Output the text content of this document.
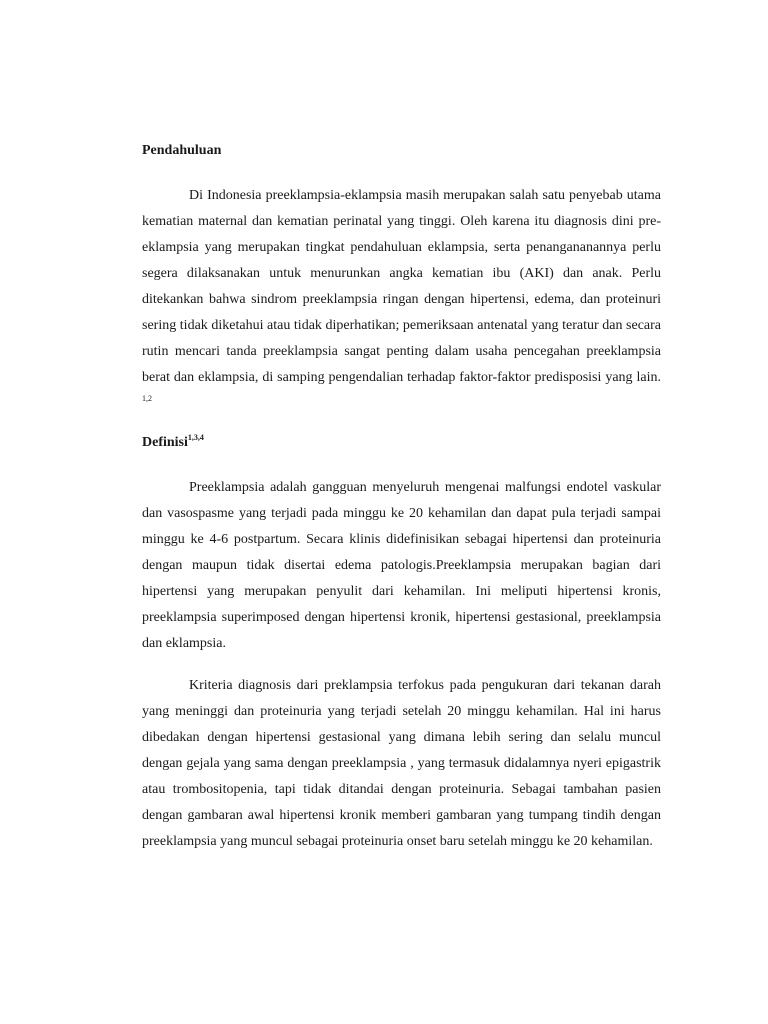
Pendahuluan

Di Indonesia preeklampsia-eklampsia masih merupakan salah satu penyebab utama kematian maternal dan kematian perinatal yang tinggi. Oleh karena itu diagnosis dini pre-eklampsia yang merupakan tingkat pendahuluan eklampsia, serta penangananannya perlu segera dilaksanakan untuk menurunkan angka kematian ibu (AKI) dan anak. Perlu ditekankan bahwa sindrom preeklampsia ringan dengan hipertensi, edema, dan proteinuri sering tidak diketahui atau tidak diperhatikan; pemeriksaan antenatal yang teratur dan secara rutin mencari tanda preeklampsia sangat penting dalam usaha pencegahan preeklampsia berat dan eklampsia, di samping pengendalian terhadap faktor-faktor predisposisi yang lain. $^{1,2}$

Definisi$^{1,3,4}$

Preeklampsia adalah gangguan menyeluruh mengenai malfungsi endotel vaskular dan vasospasme yang terjadi pada minggu ke 20 kehamilan dan dapat pula terjadi sampai minggu ke 4-6 postpartum. Secara klinis didefinisikan sebagai hipertensi dan proteinuria dengan maupun tidak disertai edema patologis.Preeklampsia merupakan bagian dari hipertensi yang merupakan penyulit dari kehamilan. Ini meliputi hipertensi kronis, preeklampsia superimposed dengan hipertensi kronik, hipertensi gestasional, preeklampsia dan eklampsia.

Kriteria diagnosis dari preklampsia terfokus pada pengukuran dari tekanan darah yang meninggi dan proteinuria yang terjadi setelah 20 minggu kehamilan. Hal ini harus dibedakan dengan hipertensi gestasional yang dimana lebih sering dan selalu muncul dengan gejala yang sama dengan preeklampsia , yang termasuk didalamnya nyeri epigastrik atau trombositopenia, tapi tidak ditandai dengan proteinuria. Sebagai tambahan pasien dengan gambaran awal hipertensi kronik memberi gambaran yang tumpang tindih dengan preeklampsia yang muncul sebagai proteinuria onset baru setelah minggu ke 20 kehamilan.
